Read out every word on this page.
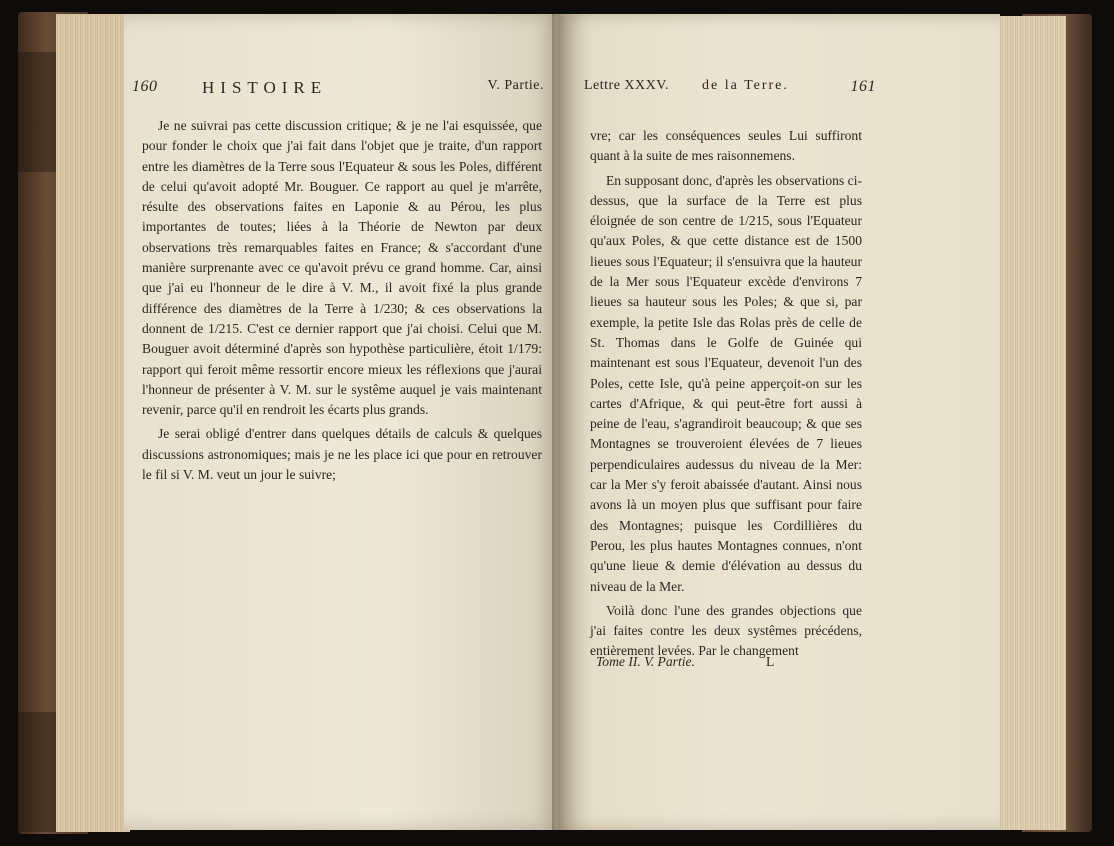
160	HISTOIRE	V. Partie.

Je ne suivrai pas cette discussion critique; & je ne l'ai esquissée, que pour fonder le choix que j'ai fait dans l'objet que je traite, d'un rapport entre les diamètres de la Terre sous l'Equateur & sous les Poles, différent de celui qu'avoit adopté Mr. Bouguer. Ce rapport au quel je m'arrête, résulte des observations faites en Laponie & au Pérou, les plus importantes de toutes; liées à la Théorie de Newton par deux observations très remarquables faites en France; & s'accordant d'une manière surprenante avec ce qu'avoit prévu ce grand homme. Car, ainsi que j'ai eu l'honneur de le dire à V. M., il avoit fixé la plus grande différence des diamètres de la Terre à 1/230; & ces observations la donnent de 1/215. C'est ce dernier rapport que j'ai choisi. Celui que M. Bouguer avoit déterminé d'après son hypothèse particulière, étoit 1/179: rapport qui feroit même ressortir encore mieux les réflexions que j'aurai l'honneur de présenter à V. M. sur le systême auquel je vais maintenant revenir, parce qu'il en rendroit les écarts plus grands.

Je serai obligé d'entrer dans quelques détails de calculs & quelques discussions astronomiques; mais je ne les place ici que pour en retrouver le fil si V. M. veut un jour le suivre;

Lettre XXXV. de la Terre.	161

vre; car les conséquences seules Lui suffiront quant à la suite de mes raisonnemens.

En supposant donc, d'après les observations ci-dessus, que la surface de la Terre est plus éloignée de son centre de 1/215, sous l'Equateur qu'aux Poles, & que cette distance est de 1500 lieues sous l'Equateur; il s'ensuivra que la hauteur de la Mer sous l'Equateur excède d'environs 7 lieues sa hauteur sous les Poles; & que si, par exemple, la petite Isle das Rolas près de celle de St. Thomas dans le Golfe de Guinée qui maintenant est sous l'Equateur, devenoit l'un des Poles, cette Isle, qu'à peine apperçoit-on sur les cartes d'Afrique, & qui peut-être fort aussi à peine de l'eau, s'agrandiroit beaucoup; & que ses Montagnes se trouveroient élevées de 7 lieues perpendiculaires audessus du niveau de la Mer: car la Mer s'y feroit abaissée d'autant. Ainsi nous avons là un moyen plus que suffisant pour faire des Montagnes; puisque les Cordillières du Perou, les plus hautes Montagnes connues, n'ont qu'une lieue & demie d'élévation au dessus du niveau de la Mer.

Voilà donc l'une des grandes objections que j'ai faites contre les deux systêmes précédens, entièrement levées. Par le changement

Tome II. V. Partie.	L
